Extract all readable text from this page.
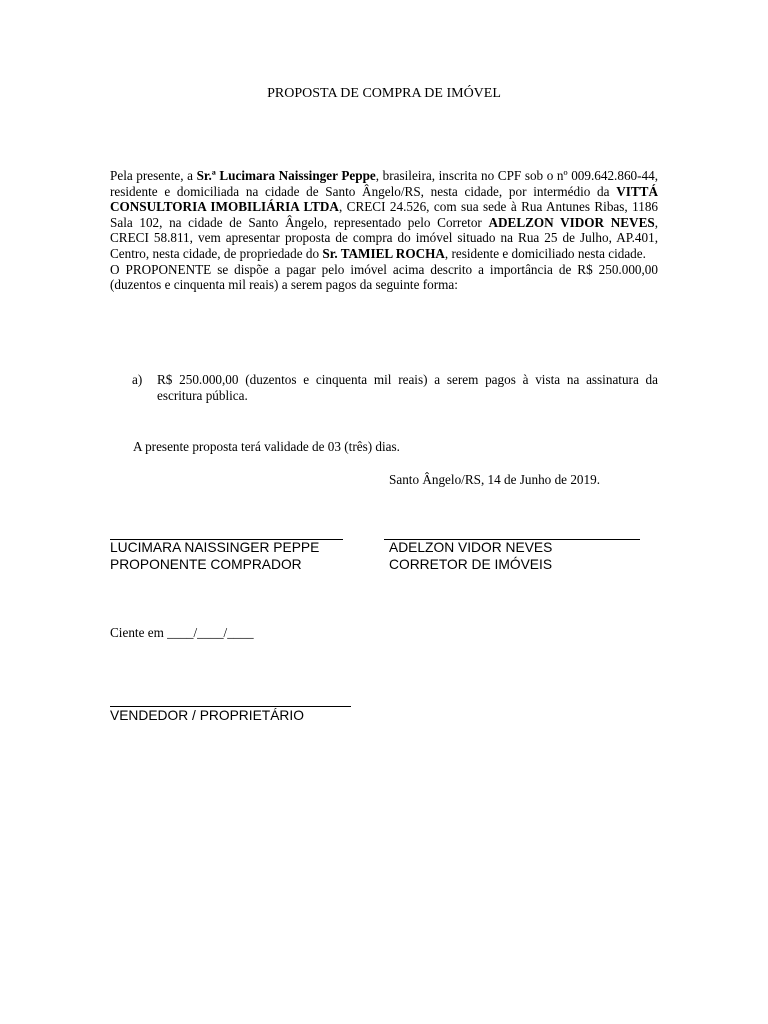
PROPOSTA DE COMPRA DE IMÓVEL

Pela presente, a Sr.ª Lucimara Naissinger Peppe, brasileira, inscrita no CPF sob o nº 009.642.860-44, residente e domiciliada na cidade de Santo Ângelo/RS, nesta cidade, por intermédio da VITTÁ CONSULTORIA IMOBILIÁRIA LTDA, CRECI 24.526, com sua sede à Rua Antunes Ribas, 1186 Sala 102, na cidade de Santo Ângelo, representado pelo Corretor ADELZON VIDOR NEVES, CRECI 58.811, vem apresentar proposta de compra do imóvel situado na Rua 25 de Julho, AP.401, Centro, nesta cidade, de propriedade do Sr. TAMIEL ROCHA, residente e domiciliado nesta cidade.

O PROPONENTE se dispõe a pagar pelo imóvel acima descrito a importância de R$ 250.000,00 (duzentos e cinquenta mil reais) a serem pagos da seguinte forma:

a) R$ 250.000,00 (duzentos e cinquenta mil reais) a serem pagos à vista na assinatura da escritura pública.
A presente proposta terá validade de 03 (três) dias.
Santo Ângelo/RS, 14 de Junho de 2019.
LUCIMARA NAISSINGER PEPPE
PROPONENTE COMPRADOR
ADELZON VIDOR NEVES
CORRETOR DE IMÓVEIS
Ciente em ____/____/____
VENDEDOR / PROPRIETÁRIO
